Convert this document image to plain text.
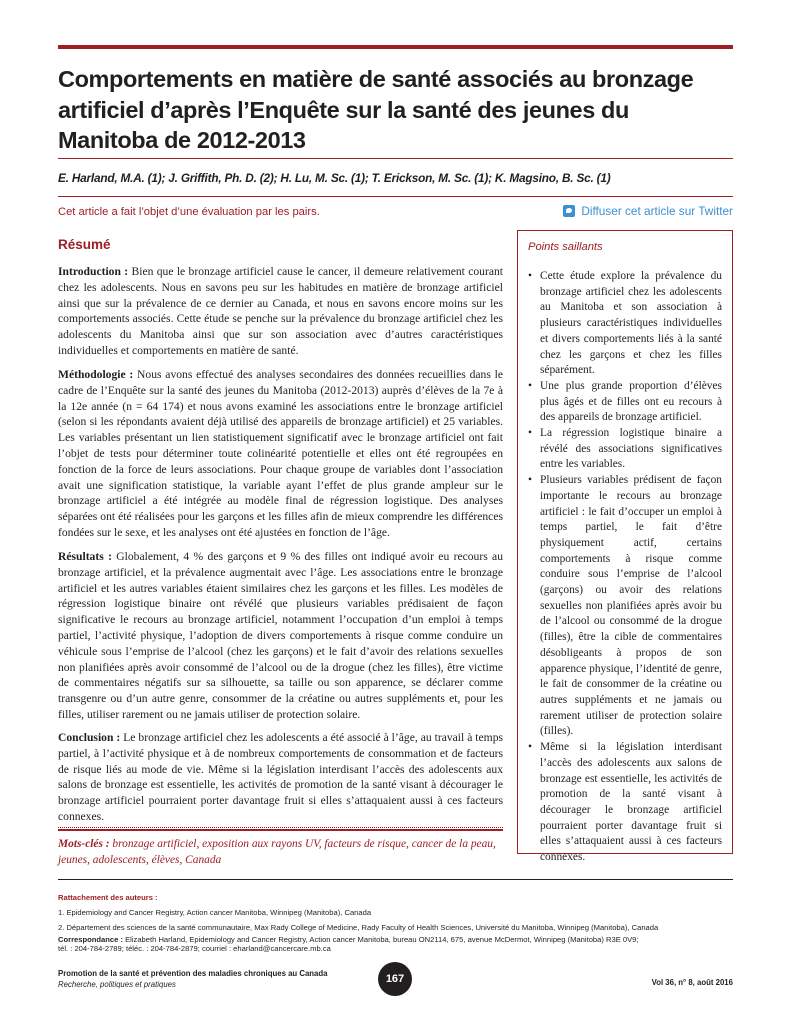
Comportements en matière de santé associés au bronzage artificiel d’après l’Enquête sur la santé des jeunes du Manitoba de 2012-2013
E. Harland, M.A. (1); J. Griffith, Ph. D. (2); H. Lu, M. Sc. (1); T. Erickson, M. Sc. (1); K. Magsino, B. Sc. (1)
Cet article a fait l’objet d’une évaluation par les pairs.	Diffuser cet article sur Twitter
Résumé

Introduction : Bien que le bronzage artificiel cause le cancer, il demeure relativement courant chez les adolescents. Nous en savons peu sur les habitudes en matière de bronzage artificiel ainsi que sur la prévalence de ce dernier au Canada, et nous en savons encore moins sur les comportements associés. Cette étude se penche sur la prévalence du bronzage artificiel chez les adolescents du Manitoba ainsi que sur son association avec d’autres caractéristiques individuelles et comportements en matière de santé.

Méthodologie : Nous avons effectué des analyses secondaires des données recueillies dans le cadre de l’Enquête sur la santé des jeunes du Manitoba (2012-2013) auprès d’élèves de la 7e à la 12e année (n = 64 174) et nous avons examiné les associations entre le bronzage artificiel (selon si les répondants avaient déjà utilisé des appareils de bronzage artificiel) et 25 variables. Les variables présentant un lien statistiquement significatif avec le bronzage artificiel ont fait l’objet de tests pour déterminer toute colinéarité potentielle et elles ont été regroupées en fonction de la force de leurs associations. Pour chaque groupe de variables dont l’association avait une signification statistique, la variable ayant l’effet de plus grande ampleur sur le bronzage artificiel a été intégrée au modèle final de régression logistique. Des analyses séparées ont été réalisées pour les garçons et les filles afin de mieux comprendre les différences fondées sur le sexe, et les analyses ont été ajustées en fonction de l’âge.

Résultats : Globalement, 4 % des garçons et 9 % des filles ont indiqué avoir eu recours au bronzage artificiel, et la prévalence augmentait avec l’âge. Les associations entre le bronzage artificiel et les autres variables étaient similaires chez les garçons et les filles. Les modèles de régression logistique binaire ont révélé que plusieurs variables prédisaient de façon significative le recours au bronzage artificiel, notamment l’occupation d’un emploi à temps partiel, l’activité physique, l’adoption de divers comportements à risque comme conduire un véhicule sous l’emprise de l’alcool (chez les garçons) et le fait d’avoir des relations sexuelles non planifiées après avoir consommé de l’alcool ou de la drogue (chez les filles), être victime de commentaires négatifs sur sa silhouette, sa taille ou son apparence, se déclarer comme transgenre ou d’un autre genre, consommer de la créatine ou autres suppléments et, pour les filles, utiliser rarement ou ne jamais utiliser de protection solaire.

Conclusion : Le bronzage artificiel chez les adolescents a été associé à l’âge, au travail à temps partiel, à l’activité physique et à de nombreux comportements de consommation et de facteurs de risque liés au mode de vie. Même si la législation interdisant l’accès des adolescents aux salons de bronzage est essentielle, les activités de promotion de la santé visant à décourager le bronzage artificiel pourraient porter davantage fruit si elles s’attaquaient aussi à ces facteurs connexes.

Mots-clés : bronzage artificiel, exposition aux rayons UV, facteurs de risque, cancer de la peau, jeunes, adolescents, élèves, Canada

Points saillants
• Cette étude explore la prévalence du bronzage artificiel chez les adolescents au Manitoba et son association à plusieurs caractéristiques individuelles et divers comportements liés à la santé chez les garçons et chez les filles séparément.
• Une plus grande proportion d’élèves plus âgés et de filles ont eu recours à des appareils de bronzage artificiel.
• La régression logistique binaire a révélé des associations significatives entre les variables.
• Plusieurs variables prédisent de façon importante le recours au bronzage artificiel : le fait d’occuper un emploi à temps partiel, le fait d’être physiquement actif, certains comportements à risque comme conduire sous l’emprise de l’alcool (garçons) ou avoir des relations sexuelles non planifiées après avoir bu de l’alcool ou consommé de la drogue (filles), être la cible de commentaires désobligeants à propos de son apparence physique, l’identité de genre, le fait de consommer de la créatine ou autres suppléments et ne jamais ou rarement utiliser de protection solaire (filles).
• Même si la législation interdisant l’accès des adolescents aux salons de bronzage est essentielle, les activités de promotion de la santé visant à décourager le bronzage artificiel pourraient porter davantage fruit si elles s’attaquaient aussi à ces facteurs connexes.
Rattachement des auteurs :
1. Epidemiology and Cancer Registry, Action cancer Manitoba, Winnipeg (Manitoba), Canada
2. Département des sciences de la santé communautaire, Max Rady College of Medicine, Rady Faculty of Health Sciences, Université du Manitoba, Winnipeg (Manitoba), Canada
Correspondance : Elizabeth Harland, Epidemiology and Cancer Registry, Action cancer Manitoba, bureau ON2114, 675, avenue McDermot, Winnipeg (Manitoba) R3E 0V9;
tél. : 204-784-2789; téléc. : 204-784-2879; courriel : eharland@cancercare.mb.ca
Promotion de la santé et prévention des maladies chroniques au Canada
Recherche, politiques et pratiques	167	Vol 36, n° 8, août 2016
